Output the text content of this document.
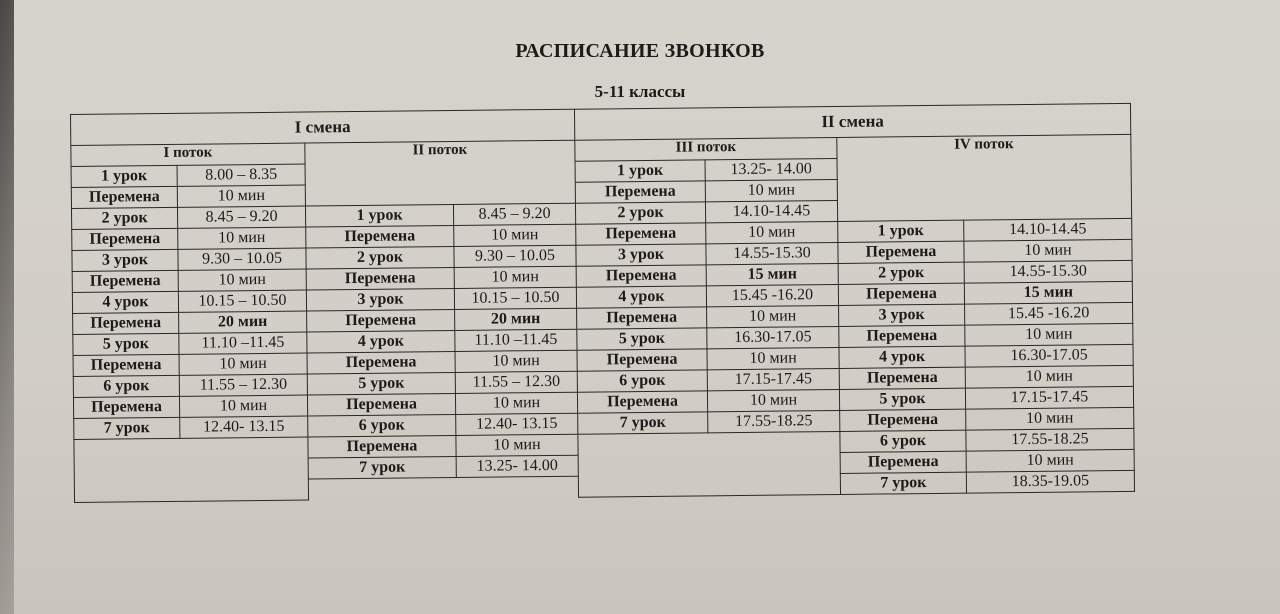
РАСПИСАНИЕ ЗВОНКОВ
5-11 классы
I смена				II смена			
I поток		II поток		III поток		IV поток	
1 урок	8.00 – 8.35			1 урок	13.25- 14.00		
Перемена	10 мин			Перемена	10 мин		
2 урок	8.45 – 9.20	1 урок	8.45 – 9.20	2 урок	14.10-14.45		
Перемена	10 мин	Перемена	10 мин	Перемена	10 мин	1 урок	14.10-14.45
3 урок	9.30 – 10.05	2 урок	9.30 – 10.05	3 урок	14.55-15.30	Перемена	10 мин
Перемена	10 мин	Перемена	10 мин	Перемена	15 мин	2 урок	14.55-15.30
4 урок	10.15 – 10.50	3 урок	10.15 – 10.50	4 урок	15.45 -16.20	Перемена	15 мин
Перемена	20 мин	Перемена	20 мин	Перемена	10 мин	3 урок	15.45 -16.20
5 урок	11.10 –11.45	4 урок	11.10 –11.45	5 урок	16.30-17.05	Перемена	10 мин
Перемена	10 мин	Перемена	10 мин	Перемена	10 мин	4 урок	16.30-17.05
6 урок	11.55 – 12.30	5 урок	11.55 – 12.30	6 урок	17.15-17.45	Перемена	10 мин
Перемена	10 мин	Перемена	10 мин	Перемена	10 мин	5 урок	17.15-17.45
7 урок	12.40- 13.15	6 урок	12.40- 13.15	7 урок	17.55-18.25	Перемена	10 мин
		Перемена	10 мин			6 урок	17.55-18.25
		7 урок	13.25- 14.00			Перемена	10 мин
						7 урок	18.35-19.05
